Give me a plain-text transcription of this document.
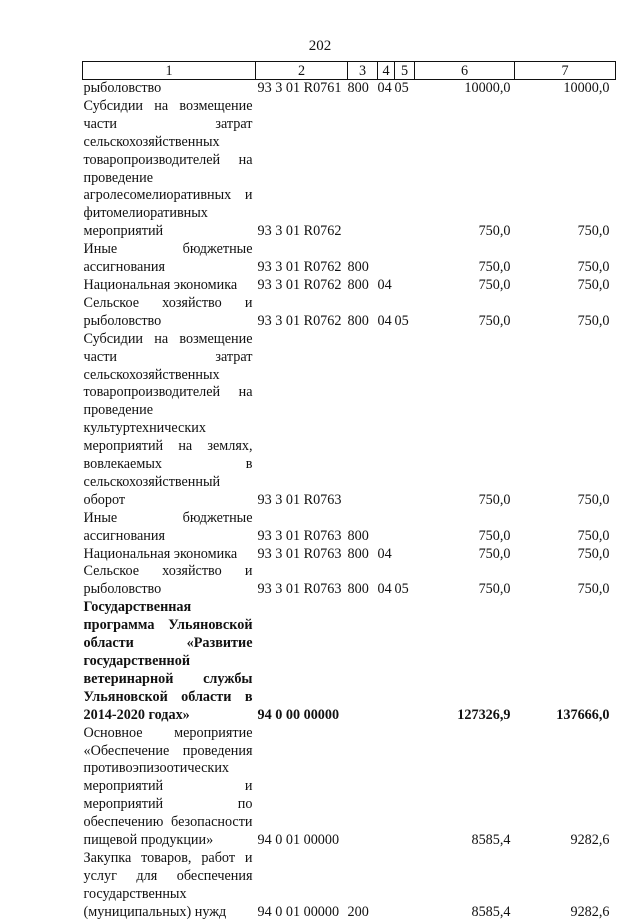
202
1	2	3	4	5	6	7
рыболовство	93 3 01 R0761	800	04	05	10000,0	10000,0
Субсидии на возмещение части затрат сельскохозяйственных товаропроизводителей на проведение агролесомелиоративных и фитомелиоративных мероприятий	93 3 01 R0762				750,0	750,0
Иные бюджетные ассигнования	93 3 01 R0762	800			750,0	750,0
Национальная экономика	93 3 01 R0762	800	04		750,0	750,0
Сельское хозяйство и рыболовство	93 3 01 R0762	800	04	05	750,0	750,0
Субсидии на возмещение части затрат сельскохозяйственных товаропроизводителей на проведение культуртехнических мероприятий на землях, вовлекаемых в сельскохозяйственный оборот	93 3 01 R0763				750,0	750,0
Иные бюджетные ассигнования	93 3 01 R0763	800			750,0	750,0
Национальная экономика	93 3 01 R0763	800	04		750,0	750,0
Сельское хозяйство и рыболовство	93 3 01 R0763	800	04	05	750,0	750,0
Государственная программа Ульяновской области «Развитие государственной ветеринарной службы Ульяновской области в 2014-2020 годах»	94 0 00 00000				127326,9	137666,0
Основное мероприятие «Обеспечение проведения противоэпизоотических мероприятий и мероприятий по обеспечению безопасности пищевой продукции»	94 0 01 00000				8585,4	9282,6
Закупка товаров, работ и услуг для обеспечения государственных (муниципальных) нужд	94 0 01 00000	200			8585,4	9282,6
